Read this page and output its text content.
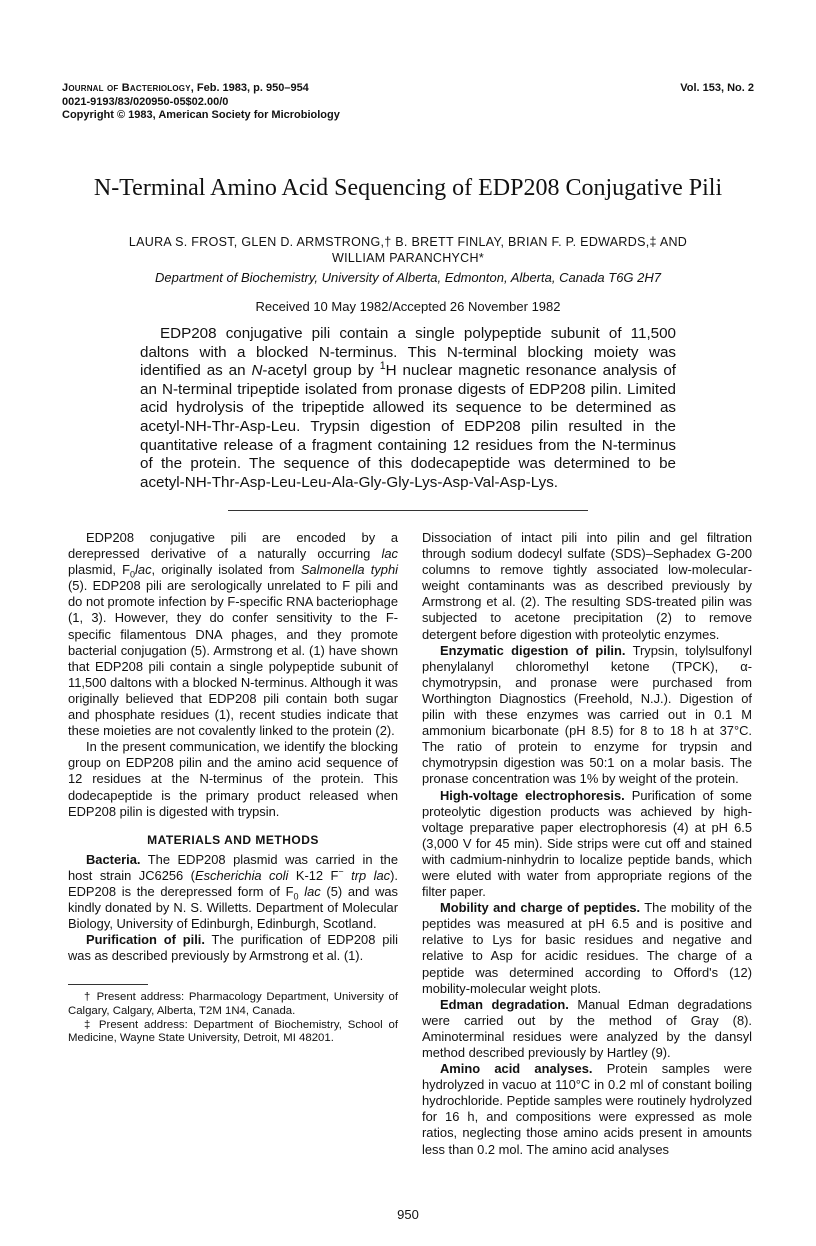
Journal of Bacteriology, Feb. 1983, p. 950–954
0021-9193/83/020950-05$02.00/0
Copyright © 1983, American Society for Microbiology
Vol. 153, No. 2
N-Terminal Amino Acid Sequencing of EDP208 Conjugative Pili
LAURA S. FROST, GLEN D. ARMSTRONG,† B. BRETT FINLAY, BRIAN F. P. EDWARDS,‡ AND
WILLIAM PARANCHYCH*
Department of Biochemistry, University of Alberta, Edmonton, Alberta, Canada T6G 2H7
Received 10 May 1982/Accepted 26 November 1982
EDP208 conjugative pili contain a single polypeptide subunit of 11,500 daltons with a blocked N-terminus. This N-terminal blocking moiety was identified as an N-acetyl group by $^1$H nuclear magnetic resonance analysis of an N-terminal tripeptide isolated from pronase digests of EDP208 pilin. Limited acid hydrolysis of the tripeptide allowed its sequence to be determined as acetyl-NH-Thr-Asp-Leu. Trypsin digestion of EDP208 pilin resulted in the quantitative release of a fragment containing 12 residues from the N-terminus of the protein. The sequence of this dodecapeptide was determined to be acetyl-NH-Thr-Asp-Leu-Leu-Ala-Gly-Gly-Lys-Asp-Val-Asp-Lys.

EDP208 conjugative pili are encoded by a derepressed derivative of a naturally occurring lac plasmid, $F_0lac$, originally isolated from Salmonella typhi (5). EDP208 pili are serologically unrelated to F pili and do not promote infection by F-specific RNA bacteriophage (1, 3). However, they do confer sensitivity to the F-specific filamentous DNA phages, and they promote bacterial conjugation (5). Armstrong et al. (1) have shown that EDP208 pili contain a single polypeptide subunit of 11,500 daltons with a blocked N-terminus. Although it was originally believed that EDP208 pili contain both sugar and phosphate residues (1), recent studies indicate that these moieties are not covalently linked to the protein (2).

In the present communication, we identify the blocking group on EDP208 pilin and the amino acid sequence of 12 residues at the N-terminus of the protein. This dodecapeptide is the primary product released when EDP208 pilin is digested with trypsin.

MATERIALS AND METHODS

Bacteria. The EDP208 plasmid was carried in the host strain JC6256 (Escherichia coli K-12 F− trp lac). EDP208 is the derepressed form of $F_0$ lac (5) and was kindly donated by N. S. Willetts. Department of Molecular Biology, University of Edinburgh, Edinburgh, Scotland.

Purification of pili. The purification of EDP208 pili was as described previously by Armstrong et al. (1).

† Present address: Pharmacology Department, University of Calgary, Calgary, Alberta, T2M 1N4, Canada.

‡ Present address: Department of Biochemistry, School of Medicine, Wayne State University, Detroit, MI 48201.

Dissociation of intact pili into pilin and gel filtration through sodium dodecyl sulfate (SDS)–Sephadex G-200 columns to remove tightly associated low-molecular-weight contaminants was as described previously by Armstrong et al. (2). The resulting SDS-treated pilin was subjected to acetone precipitation (2) to remove detergent before digestion with proteolytic enzymes.

Enzymatic digestion of pilin. Trypsin, tolylsulfonyl phenylalanyl chloromethyl ketone (TPCK), α-chymotrypsin, and pronase were purchased from Worthington Diagnostics (Freehold, N.J.). Digestion of pilin with these enzymes was carried out in 0.1 M ammonium bicarbonate (pH 8.5) for 8 to 18 h at 37°C. The ratio of protein to enzyme for trypsin and chymotrypsin digestion was 50:1 on a molar basis. The pronase concentration was 1% by weight of the protein.

High-voltage electrophoresis. Purification of some proteolytic digestion products was achieved by high-voltage preparative paper electrophoresis (4) at pH 6.5 (3,000 V for 45 min). Side strips were cut off and stained with cadmium-ninhydrin to localize peptide bands, which were eluted with water from appropriate regions of the filter paper.

Mobility and charge of peptides. The mobility of the peptides was measured at pH 6.5 and is positive and relative to Lys for basic residues and negative and relative to Asp for acidic residues. The charge of a peptide was determined according to Offord's (12) mobility-molecular weight plots.

Edman degradation. Manual Edman degradations were carried out by the method of Gray (8). Aminoterminal residues were analyzed by the dansyl method described previously by Hartley (9).

Amino acid analyses. Protein samples were hydrolyzed in vacuo at 110°C in 0.2 ml of constant boiling hydrochloride. Peptide samples were routinely hydrolyzed for 16 h, and compositions were expressed as mole ratios, neglecting those amino acids present in amounts less than 0.2 mol. The amino acid analyses

950
